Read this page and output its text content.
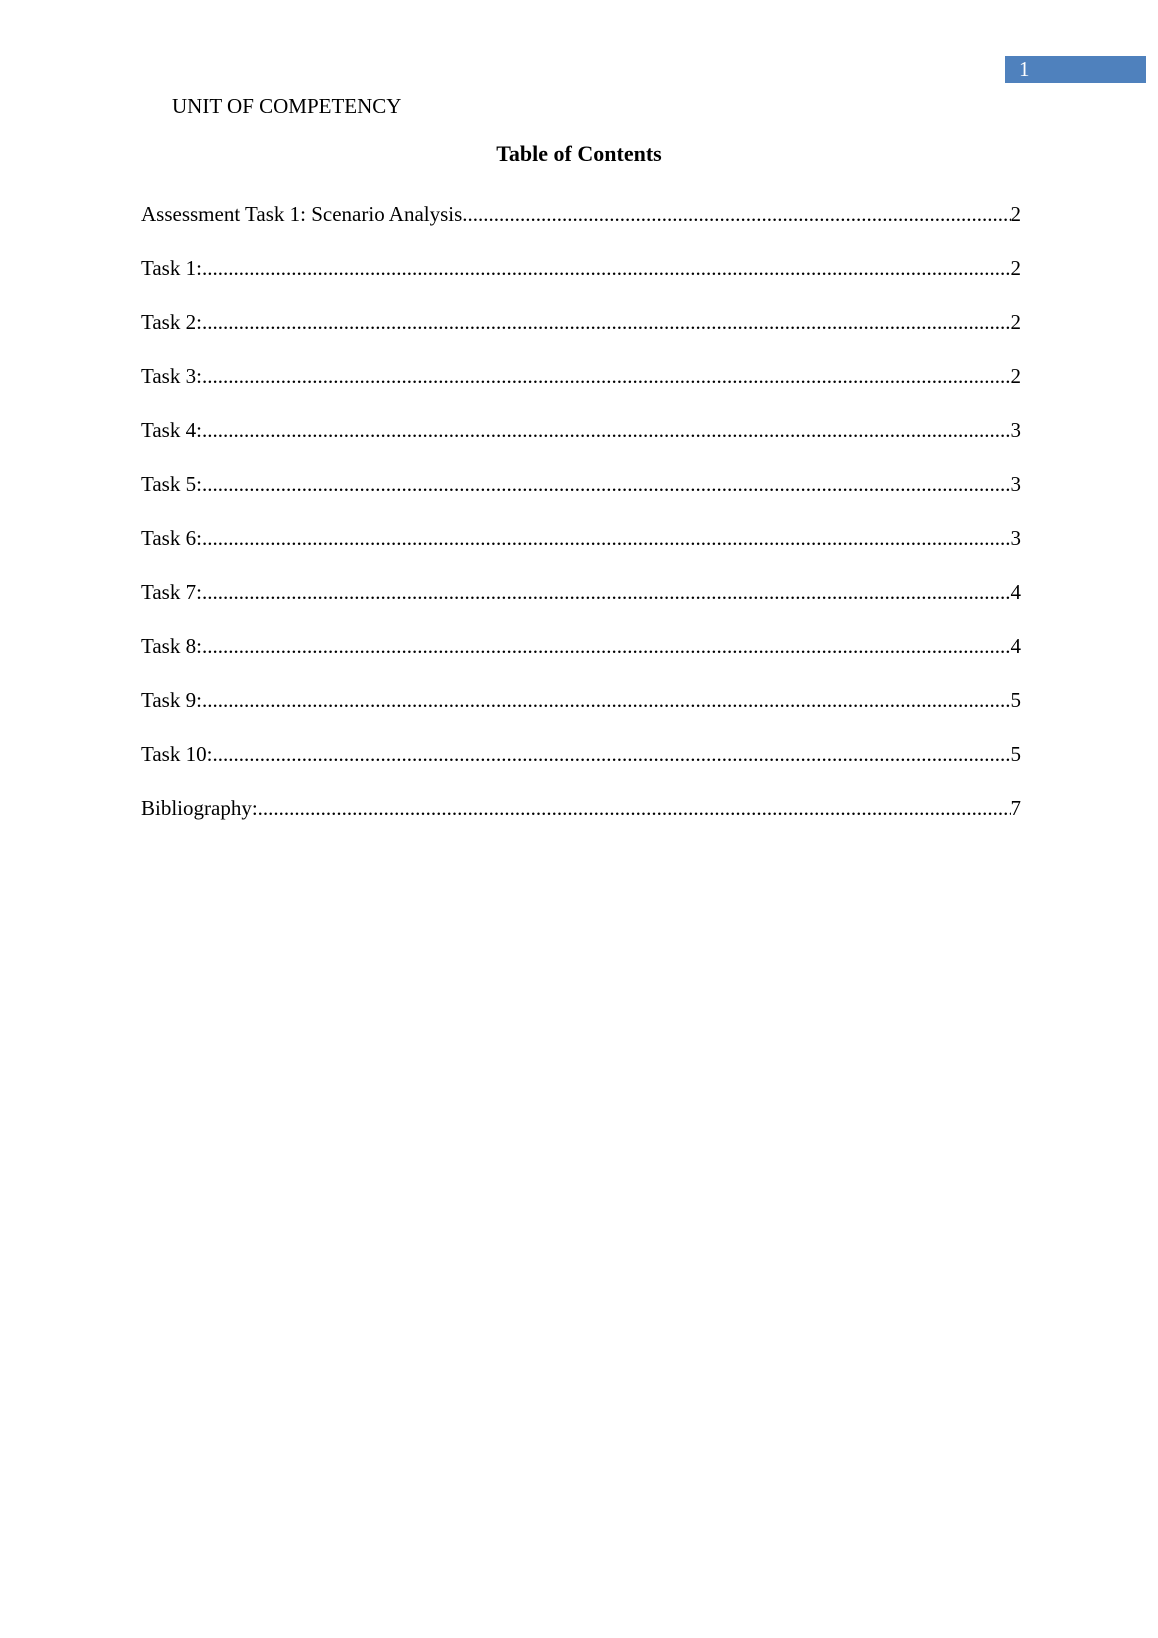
1
UNIT OF COMPETENCY
Table of Contents
Assessment Task 1: Scenario Analysis .....	2
Task 1: .....	2
Task 2: .....	2
Task 3: .....	2
Task 4: .....	3
Task 5: .....	3
Task 6: .....	3
Task 7: .....	4
Task 8: .....	4
Task 9: .....	5
Task 10: .....	5
Bibliography: .....	7
